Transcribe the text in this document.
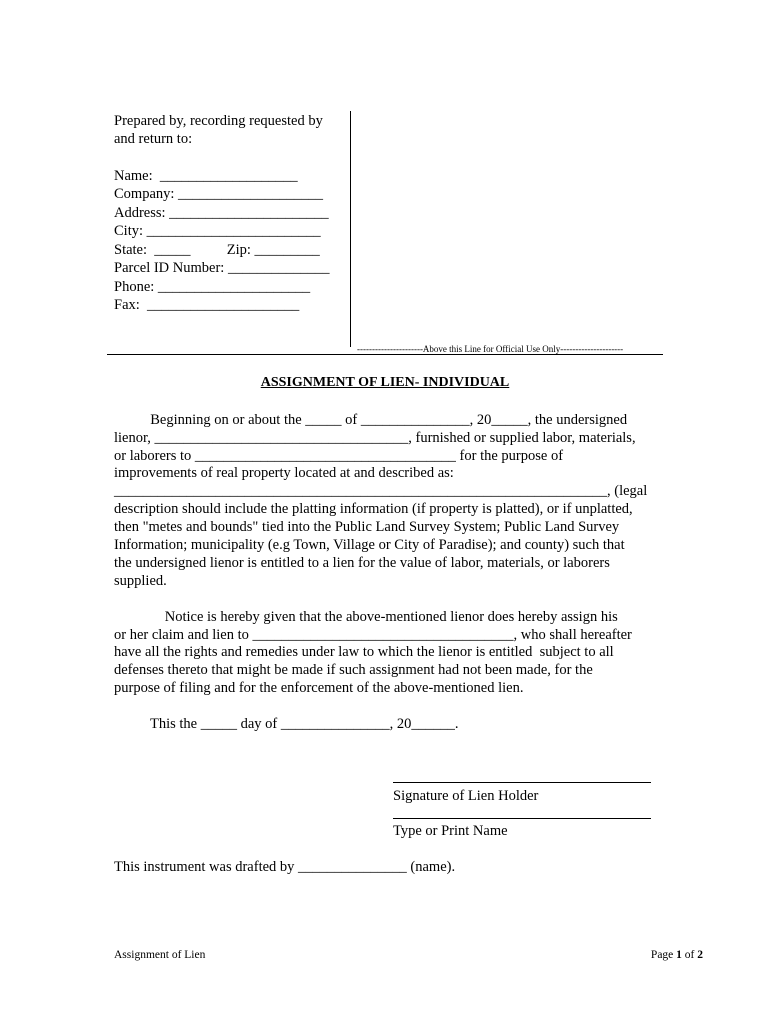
Prepared by, recording requested by
and return to:
Name:  ___________________
Company: ____________________
Address: ______________________
City: ________________________
State:  _____          Zip: _________
Parcel ID Number: ______________
Phone: _____________________
Fax:  _____________________
----------------------Above this Line for Official Use Only---------------------
ASSIGNMENT OF LIEN- INDIVIDUAL
Beginning on or about the _____ of _______________, 20_____, the undersigned
lienor, ___________________________________, furnished or supplied labor, materials,
or laborers to ____________________________________ for the purpose of
improvements of real property located at and described as:
____________________________________________________________________, (legal
description should include the platting information (if property is platted), or if unplatted,
then "metes and bounds" tied into the Public Land Survey System; Public Land Survey
Information; municipality (e.g Town, Village or City of Paradise); and county) such that
the undersigned lienor is entitled to a lien for the value of labor, materials, or laborers
supplied.
Notice is hereby given that the above-mentioned lienor does hereby assign his
or her claim and lien to ____________________________________, who shall hereafter
have all the rights and remedies under law to which the lienor is entitled  subject to all
defenses thereto that might be made if such assignment had not been made, for the
purpose of filing and for the enforcement of the above-mentioned lien.
This the _____ day of _______________, 20______.
Signature of Lien Holder
Type or Print Name
This instrument was drafted by _______________ (name).
Assignment of Lien	Page 1 of 2
